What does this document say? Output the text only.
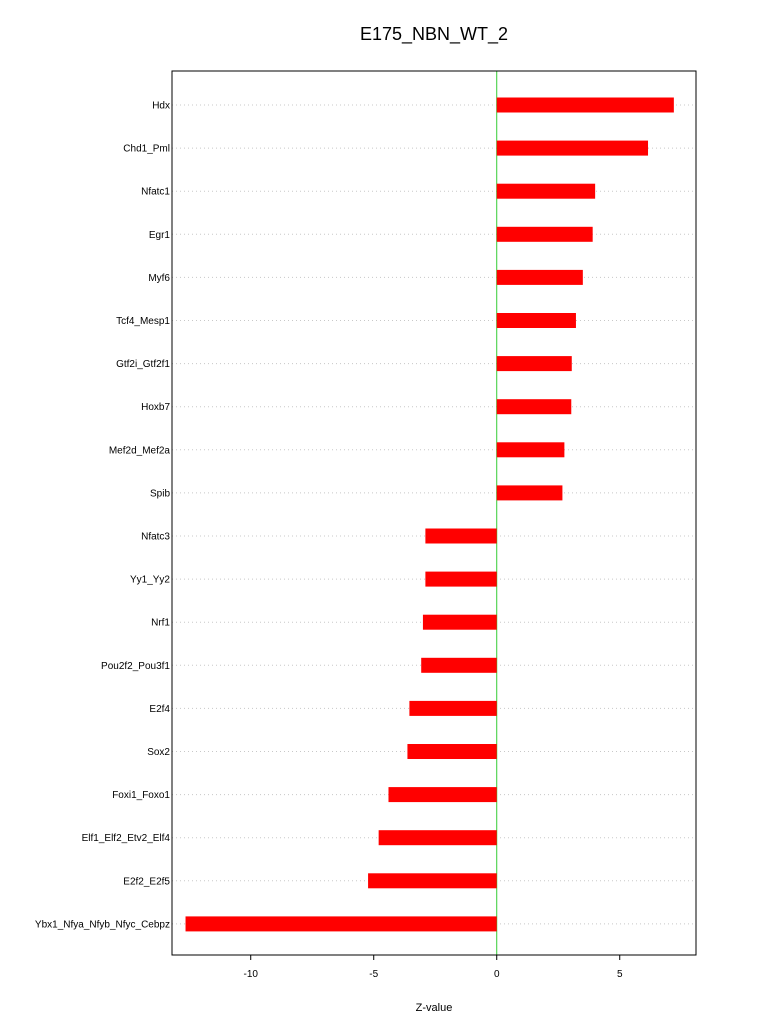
E175_NBN_WT_2
Hdx
Chd1_Pml
Nfatc1
Egr1
Myf6
Tcf4_Mesp1
Gtf2i_Gtf2f1
Hoxb7
Mef2d_Mef2a
Spib
Nfatc3
Yy1_Yy2
Nrf1
Pou2f2_Pou3f1
E2f4
Sox2
Foxi1_Foxo1
Elf1_Elf2_Etv2_Elf4
E2f2_E2f5
Ybx1_Nfya_Nfyb_Nfyc_Cebpz
-10	-5	0	5
Z-value
